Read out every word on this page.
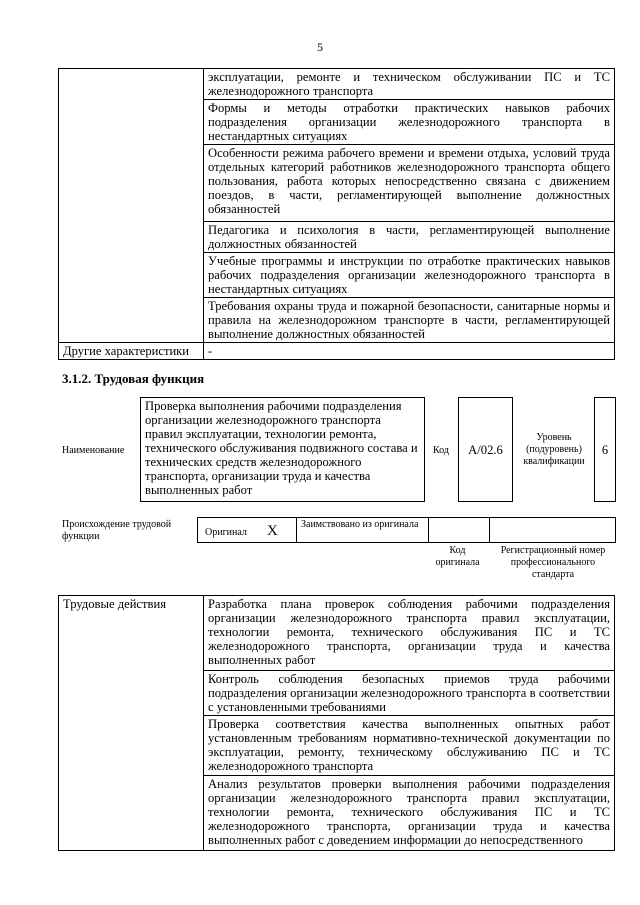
5
	эксплуатации, ремонте и техническом обслуживании ПС и ТС железнодорожного транспорта
	Формы и методы отработки практических навыков рабочих подразделения организации железнодорожного транспорта в нестандартных ситуациях
	Особенности режима рабочего времени и времени отдыха, условий труда отдельных категорий работников железнодорожного транспорта общего пользования, работа которых непосредственно связана с движением поездов, в части, регламентирующей выполнение должностных обязанностей
	Педагогика и психология в части, регламентирующей выполнение должностных обязанностей
	Учебные программы и инструкции по отработке практических навыков рабочих подразделения организации железнодорожного транспорта в нестандартных ситуациях
	Требования охраны труда и пожарной безопасности, санитарные нормы и правила на железнодорожном транспорте в части, регламентирующей выполнение должностных обязанностей
Другие характеристики	-
3.1.2. Трудовая функция
Наименование
Проверка выполнения рабочими подразделения организации железнодорожного транспорта правил эксплуатации, технологии ремонта, технического обслуживания подвижного состава и технических средств железнодорожного транспорта, организации труда и качества выполненных работ
Код	A/02.6
Уровень (подуровень) квалификации
6
Происхождение трудовой функции	Оригинал X Заимствовано из оригинала
Код оригинала
Регистрационный номер профессионального стандарта
Трудовые действия	Разработка плана проверок соблюдения рабочими подразделения организации железнодорожного транспорта правил эксплуатации, технологии ремонта, технического обслуживания ПС и ТС железнодорожного транспорта, организации труда и качества выполненных работ
Контроль соблюдения безопасных приемов труда рабочими подразделения организации железнодорожного транспорта в соответствии с установленными требованиями
Проверка соответствия качества выполненных опытных работ установленным требованиям нормативно-технической документации по эксплуатации, ремонту, техническому обслуживанию ПС и ТС железнодорожного транспорта
Анализ результатов проверки выполнения рабочими подразделения организации железнодорожного транспорта правил эксплуатации, технологии ремонта, технического обслуживания ПС и ТС железнодорожного транспорта, организации труда и качества выполненных работ с доведением информации до непосредственного
